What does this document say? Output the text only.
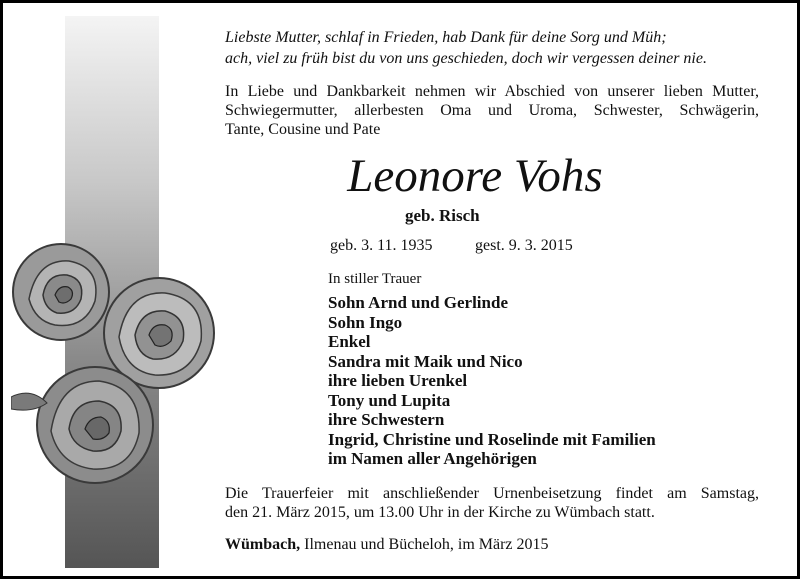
Liebste Mutter, schlaf in Frieden, hab Dank für deine Sorg und Müh;
ach, viel zu früh bist du von uns geschieden, doch wir vergessen deiner nie.
In Liebe und Dankbarkeit nehmen wir Abschied von unserer lieben Mutter,
Schwiegermutter, allerbesten Oma und Uroma, Schwester, Schwägerin,
Tante, Cousine und Pate
Leonore Vohs
geb. Risch
geb. 3. 11. 1935	gest. 9. 3. 2015
In stiller Trauer
Sohn Arnd und Gerlinde
Sohn Ingo
Enkel
Sandra mit Maik und Nico
ihre lieben Urenkel
Tony und Lupita
ihre Schwestern
Ingrid, Christine und Roselinde mit Familien
im Namen aller Angehörigen
Die Trauerfeier mit anschließender Urnenbeisetzung findet am Samstag,
den 21. März 2015, um 13.00 Uhr in der Kirche zu Wümbach statt.
Wümbach, Ilmenau und Bücheloh, im März 2015
